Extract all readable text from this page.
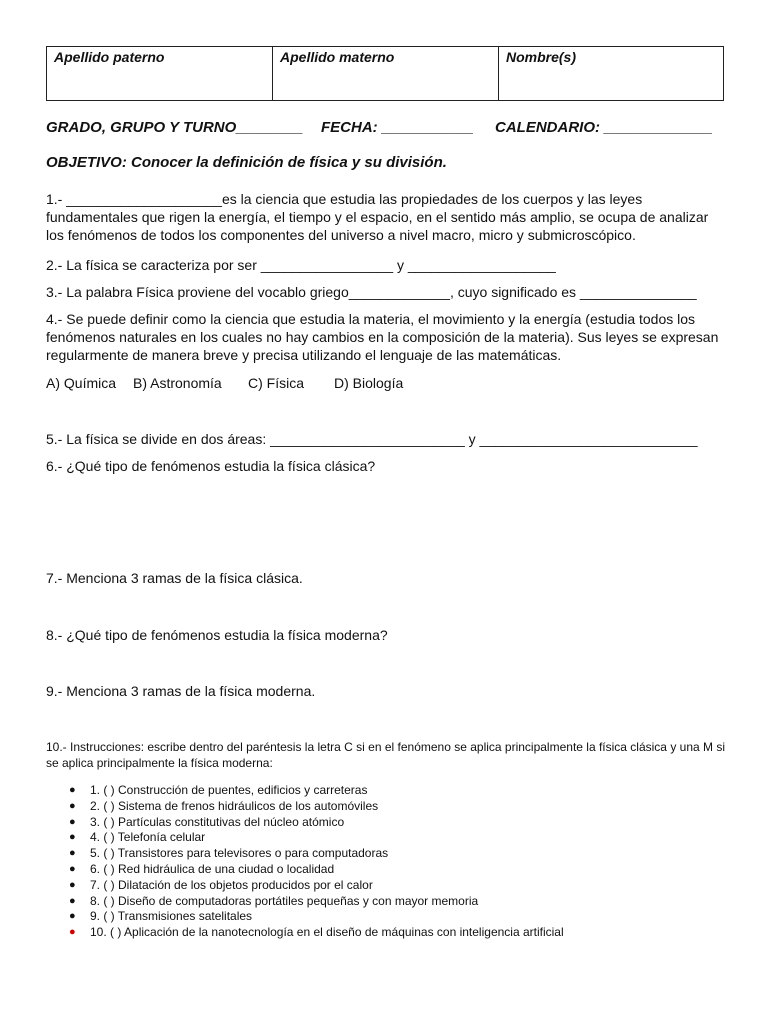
Apellido paterno	Apellido materno	Nombre(s)
GRADO, GRUPO Y TURNO________ FECHA: ___________ CALENDARIO: _____________
OBJETIVO: Conocer la definición de física y su división.
1.- ____________________es la ciencia que estudia las propiedades de los cuerpos y las leyes fundamentales que rigen la energía, el tiempo y el espacio, en el sentido más amplio, se ocupa de analizar los fenómenos de todos los componentes del universo a nivel macro, micro y submicroscópico.
2.- La física se caracteriza por ser _________________ y ___________________
3.- La palabra Física proviene del vocablo griego_____________, cuyo significado es _______________
4.- Se puede definir como la ciencia que estudia la materia, el movimiento y la energía (estudia todos los fenómenos naturales en los cuales no hay cambios en la composición de la materia). Sus leyes se expresan regularmente de manera breve y precisa utilizando el lenguaje de las matemáticas.
A) Química B) Astronomía C) Física D) Biología
5.- La física se divide en dos áreas: _________________________ y ____________________________
6.- ¿Qué tipo de fenómenos estudia la física clásica?
7.- Menciona 3 ramas de la física clásica.
8.- ¿Qué tipo de fenómenos estudia la física moderna?
9.- Menciona 3 ramas de la física moderna.
10.- Instrucciones: escribe dentro del paréntesis la letra C si en el fenómeno se aplica principalmente la física clásica y una M si se aplica principalmente la física moderna:
● 1. ( ) Construcción de puentes, edificios y carreteras
● 2. ( ) Sistema de frenos hidráulicos de los automóviles
● 3. ( ) Partículas constitutivas del núcleo atómico
● 4. ( ) Telefonía celular
● 5. ( ) Transistores para televisores o para computadoras
● 6. ( ) Red hidráulica de una ciudad o localidad
● 7. ( ) Dilatación de los objetos producidos por el calor
● 8. ( ) Diseño de computadoras portátiles pequeñas y con mayor memoria
● 9. ( ) Transmisiones satelitales
● 10. ( ) Aplicación de la nanotecnología en el diseño de máquinas con inteligencia artificial
